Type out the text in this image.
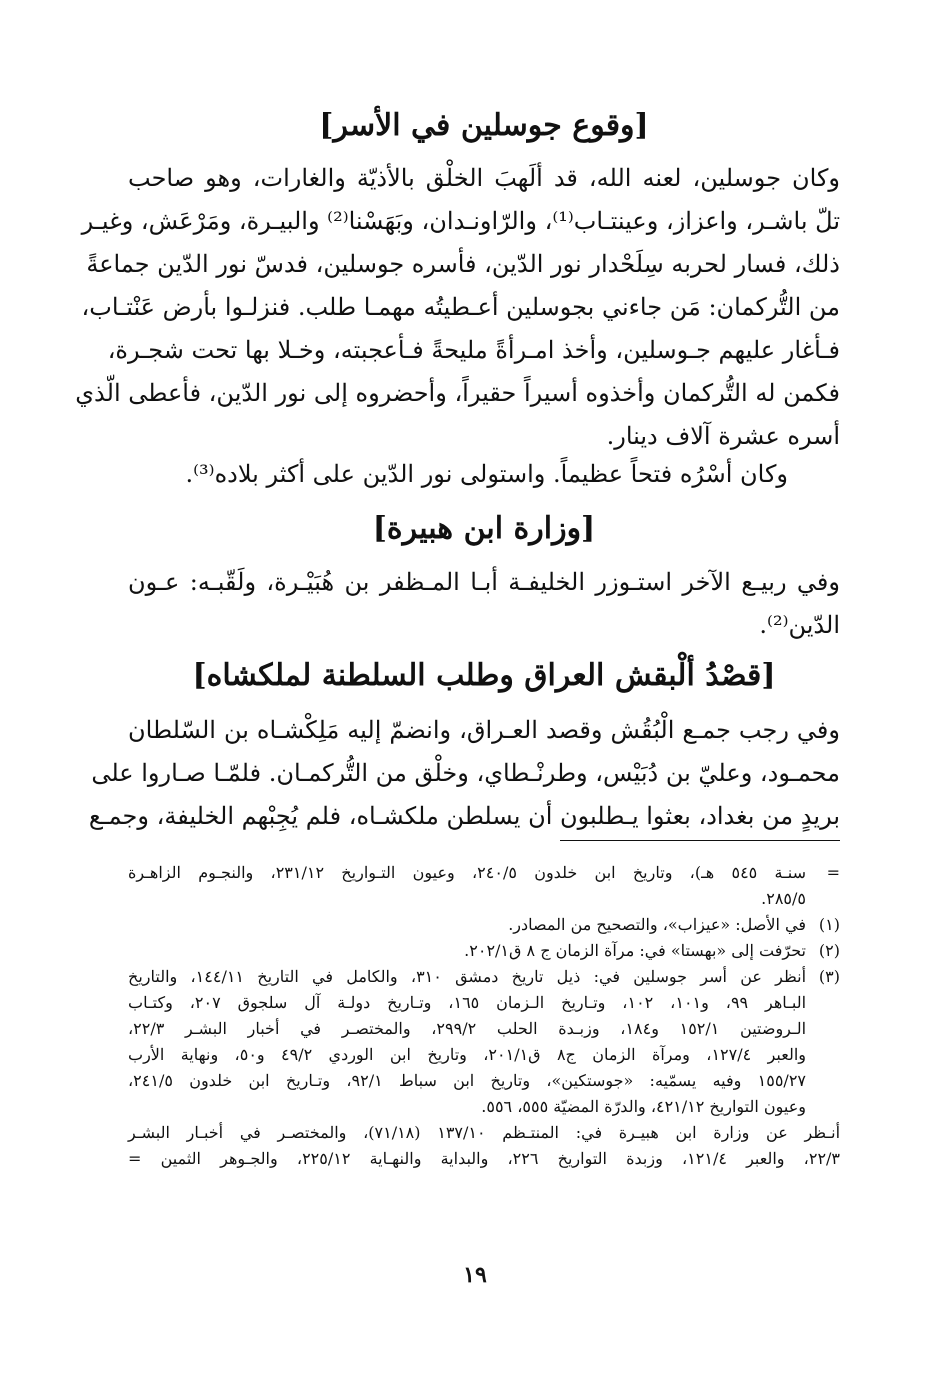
[وقوع جوسلين في الأسر]
وكان جوسلين، لعنه الله، قد ألَهبَ الخلْق بالأذيّة والغارات، وهو صاحب
تلّ باشـر، واعزاز، وعينتـاب⁽¹⁾، والرّاونـدان، وبَهَسْنا⁽²⁾ والبيـرة، ومَرْعَش، وغيـر
ذلك، فسار لحربه سِلَحْدار نور الدّين، فأسره جوسلين، فدسّ نور الدّين جماعةً
من التُّركمان: مَن جاءني بجوسلين أعـطيتُه مهمـا طلب. فنزلـوا بأرض عَنْتـاب،
فـأغار عليهم جـوسلين، وأخذ امـرأةً مليحةً فـأعجبته، وخـلا بها تحت شجـرة،
فكمن له التُّركمان وأخذوه أسيراً حقيراً، وأحضروه إلى نور الدّين، فأعطى الّذي
أسره عشرة آلاف دينار.
وكان أسْرُه فتحاً عظيماً. واستولى نور الدّين على أكثر بلاده⁽³⁾.
[وزارة ابن هبيرة]
وفي ربيـع الآخر استـوزر الخليفـة أبـا المـظفر بن هُبَيْـرة، ولَقّبـه: عـون
الدّين⁽²⁾.
[قصْدُ ألْبقش العراق وطلب السلطنة لملكشاه]
وفي رجب جمـع الْبُقُش وقصد العـراق، وانضمّ إليه مَلِكْشـاه بن السّلطان
محمـود، وعليّ بن دُبَيْس، وطرنْـطاي، وخلْق من التُّركمـان. فلمّـا صـاروا على
بريدٍ من بغداد، بعثوا يـطلبون أن يسلطن ملكشـاه، فلم يُجِبْهم الخليفة، وجمـع
=
سنـة ٥٤٥ هـ)، وتاريخ ابن خلدون ٢٤٠/٥، وعيون التـواريخ ٢٣١/١٢، والنجـوم الزاهـرة
٢٨٥/٥.
(١)
في الأصل: «عيزاب»، والتصحيح من المصادر.
(٢)
تحرّفت إلى «بهستا» في: مرآة الزمان ج ٨ ق٢٠٢/١.
(٣)
أنظر عن أسر جوسلين في: ذيل تاريخ دمشق ٣١٠، والكامل في التاريخ ١٤٤/١١، والتاريخ
البـاهر ٩٩، و١٠١، ١٠٢، وتـاريخ الـزمان ١٦٥، وتـاريخ دولـة آل سلجوق ٢٠٧، وكتـاب
الـروضتين ١٥٢/١ و١٨٤، وزبـدة الحلب ٢٩٩/٢، والمختصـر في أخبار البشـر ٢٢/٣،
والعبر ١٢٧/٤، ومرآة الزمان ج٨ ق٢٠١/١، وتاريخ ابن الوردي ٤٩/٢ و٥٠، ونهاية الأرب
١٥٥/٢٧ وفيه يسمّيه: «جوستكين»، وتاريخ ابن سباط ٩٢/١، وتـاريخ ابن خلدون ٢٤١/٥،
وعيون التواريخ ٤٢١/١٢، والدرّة المضيّة ٥٥٥، ٥٥٦.
أنـظر عن وزارة ابن هبيـرة في: المنتـظم ١٣٧/١٠ (٧١/١٨)، والمختصـر في أخبـار البشـر
٢٢/٣، والعبر ١٢١/٤، وزبدة التواريخ ٢٢٦، والبداية والنهـاية ٢٢٥/١٢، والجـوهر الثمين =
١٩
